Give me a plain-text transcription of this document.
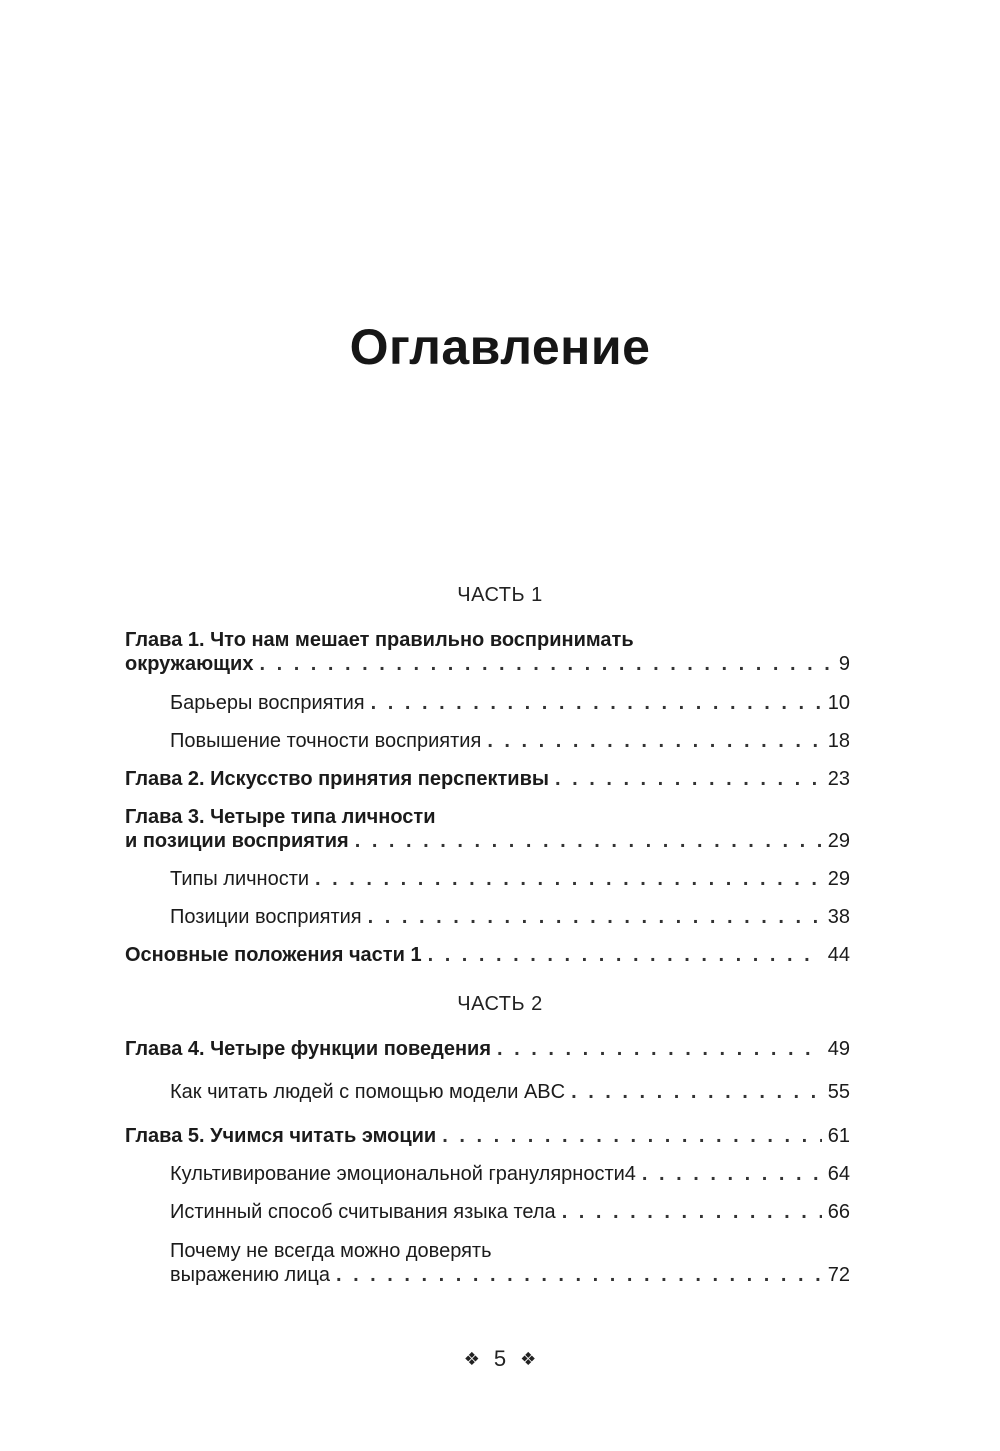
Оглавление
ЧАСТЬ 1
Глава 1. Что нам мешает правильно воспринимать
окружающих . . .	9
Барьеры восприятия . . .	10
Повышение точности восприятия . . .	18
Глава 2. Искусство принятия перспективы . . .	23
Глава 3. Четыре типа личности
и позиции восприятия . . .	29
Типы личности . . .	29
Позиции восприятия . . .	38
Основные положения части 1 . . .	44
ЧАСТЬ 2
Глава 4. Четыре функции поведения . . .	49
Как читать людей с помощью модели ABC . . .	55
Глава 5. Учимся читать эмоции . . .	61
Культивирование эмоциональной гранулярности4 . . .	64
Истинный способ считывания языка тела . . .	66
Почему не всегда можно доверять
выражению лица . . .	72
❖ 5 ❖
